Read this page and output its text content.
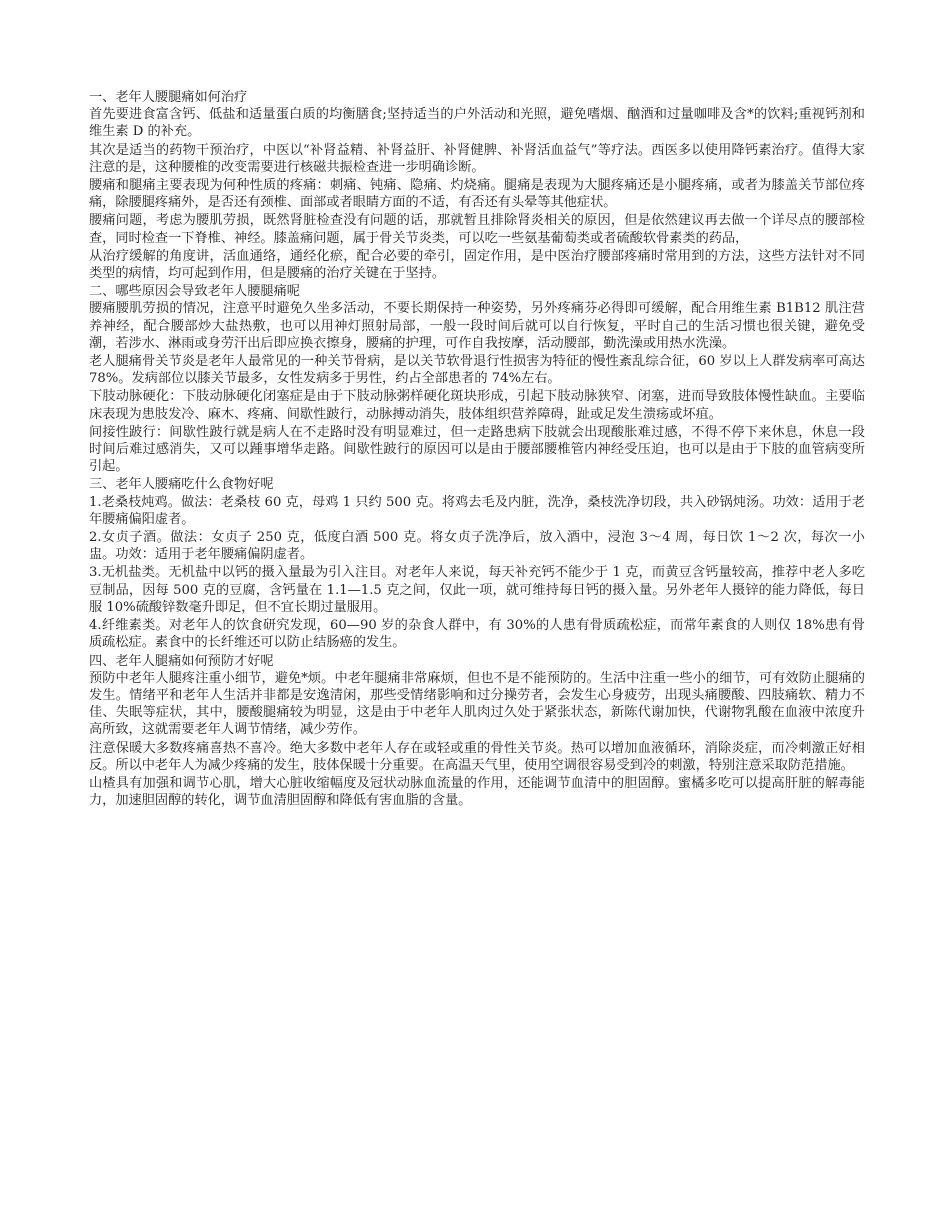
一、老年人腰腿痛如何治疗

首先要进食富含钙、低盐和适量蛋白质的均衡膳食;坚持适当的户外活动和光照，避免嗜烟、酗酒和过量咖啡及含*的饮料;重视钙剂和维生素 D 的补充。

其次是适当的药物干预治疗，中医以“补肾益精、补肾益肝、补肾健脾、补肾活血益气”等疗法。西医多以使用降钙素治疗。值得大家注意的是，这种腰椎的改变需要进行核磁共振检查进一步明确诊断。

腰痛和腿痛主要表现为何种性质的疼痛：刺痛、钝痛、隐痛、灼烧痛。腿痛是表现为大腿疼痛还是小腿疼痛，或者为膝盖关节部位疼痛，除腰腿疼痛外，是否还有颈椎、面部或者眼睛方面的不适，有否还有头晕等其他症状。

腰痛问题，考虑为腰肌劳损，既然肾脏检查没有问题的话，那就暂且排除肾炎相关的原因，但是依然建议再去做一个详尽点的腰部检查，同时检查一下脊椎、神经。膝盖痛问题，属于骨关节炎类，可以吃一些氨基葡萄类或者硫酸软骨素类的药品，

从治疗缓解的角度讲，活血通络，通经化瘀，配合必要的牵引，固定作用，是中医治疗腰部疼痛时常用到的方法，这些方法针对不同类型的病情，均可起到作用，但是腰痛的治疗关键在于坚持。

二、哪些原因会导致老年人腰腿痛呢

腰痛腰肌劳损的情况，注意平时避免久坐多活动，不要长期保持一种姿势，另外疼痛芬必得即可缓解，配合用维生素 B1B12 肌注营养神经，配合腰部炒大盐热敷，也可以用神灯照射局部，一般一段时间后就可以自行恢复，平时自己的生活习惯也很关键，避免受潮，若涉水、淋雨或身劳汗出后即应换衣擦身，腰痛的护理，可作自我按摩，活动腰部，勤洗澡或用热水洗澡。

老人腿痛骨关节炎是老年人最常见的一种关节骨病，是以关节软骨退行性损害为特征的慢性紊乱综合征，60 岁以上人群发病率可高达 78%。发病部位以膝关节最多，女性发病多于男性，约占全部患者的 74%左右。

下肢动脉硬化：下肢动脉硬化闭塞症是由于下肢动脉粥样硬化斑块形成，引起下肢动脉狭窄、闭塞，进而导致肢体慢性缺血。主要临床表现为患肢发冷、麻木、疼痛、间歇性跛行，动脉搏动消失，肢体组织营养障碍，趾或足发生溃疡或坏疽。

间接性跛行：间歇性跛行就是病人在不走路时没有明显难过，但一走路患病下肢就会出现酸胀难过感，不得不停下来休息，休息一段时间后难过感消失，又可以踵事增华走路。间歇性跛行的原因可以是由于腰部腰椎管内神经受压迫，也可以是由于下肢的血管病变所引起。

三、老年人腰痛吃什么食物好呢

1.老桑枝炖鸡。做法：老桑枝 60 克，母鸡 1 只约 500 克。将鸡去毛及内脏，洗净，桑枝洗净切段，共入砂锅炖汤。功效：适用于老年腰痛偏阳虚者。

2.女贞子酒。做法：女贞子 250 克，低度白酒 500 克。将女贞子洗净后，放入酒中，浸泡 3～4 周，每日饮 1～2 次，每次一小盅。功效：适用于老年腰痛偏阴虚者。

3.无机盐类。无机盐中以钙的摄入量最为引入注目。对老年人来说，每天补充钙不能少于 1 克，而黄豆含钙量较高，推荐中老人多吃豆制品，因每 500 克的豆腐，含钙量在 1.1—1.5 克之间，仅此一项，就可维持每日钙的摄入量。另外老年人摄锌的能力降低，每日服 10%硫酸锌数毫升即足，但不宜长期过量服用。

4.纤维素类。对老年人的饮食研究发现，60—90 岁的杂食人群中，有 30%的人患有骨质疏松症，而常年素食的人则仅 18%患有骨质疏松症。素食中的长纤维还可以防止结肠癌的发生。

四、老年人腿痛如何预防才好呢

预防中老年人腿疼注重小细节，避免*烦。中老年腿痛非常麻烦，但也不是不能预防的。生活中注重一些小的细节，可有效防止腿痛的发生。情绪平和老年人生活并非都是安逸清闲，那些受情绪影响和过分操劳者，会发生心身疲劳，出现头痛腰酸、四肢痛软、精力不佳、失眠等症状，其中，腰酸腿痛较为明显，这是由于中老年人肌肉过久处于紧张状态，新陈代谢加快，代谢物乳酸在血液中浓度升高所致，这就需要老年人调节情绪，减少劳作。

注意保暖大多数疼痛喜热不喜冷。绝大多数中老年人存在或轻或重的骨性关节炎。热可以增加血液循环，消除炎症，而冷刺激正好相反。所以中老年人为减少疼痛的发生，肢体保暖十分重要。在高温天气里，使用空调很容易受到冷的刺激，特别注意采取防范措施。

山楂具有加强和调节心肌，增大心脏收缩幅度及冠状动脉血流量的作用，还能调节血清中的胆固醇。蜜橘多吃可以提高肝脏的解毒能力，加速胆固醇的转化，调节血清胆固醇和降低有害血脂的含量。
